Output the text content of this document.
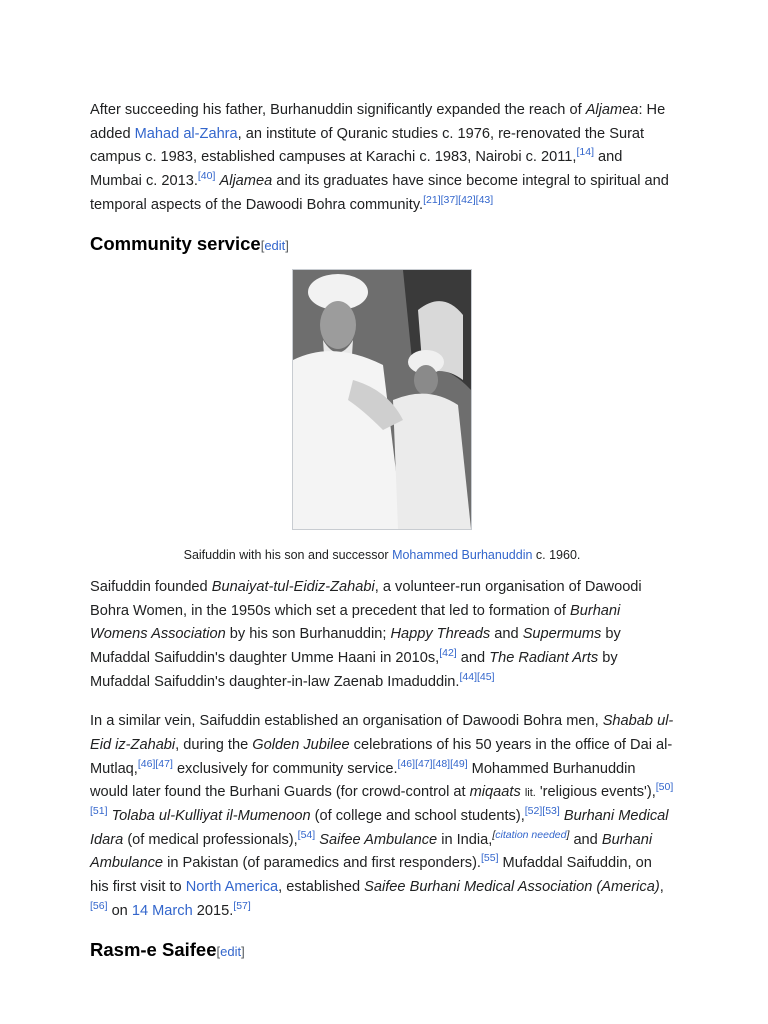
After succeeding his father, Burhanuddin significantly expanded the reach of Aljamea: He added Mahad al-Zahra, an institute of Quranic studies c. 1976, re-renovated the Surat campus c. 1983, established campuses at Karachi c. 1983, Nairobi c. 2011,[14] and Mumbai c. 2013.[40] Aljamea and its graduates have since become integral to spiritual and temporal aspects of the Dawoodi Bohra community.[21][37][42][43]

Community service[edit]
Saifuddin with his son and successor Mohammed Burhanuddin c. 1960.

Saifuddin founded Bunaiyat-tul-Eidiz-Zahabi, a volunteer-run organisation of Dawoodi Bohra Women, in the 1950s which set a precedent that led to formation of Burhani Womens Association by his son Burhanuddin; Happy Threads and Supermums by Mufaddal Saifuddin's daughter Umme Haani in 2010s,[42] and The Radiant Arts by Mufaddal Saifuddin's daughter-in-law Zaenab Imaduddin.[44][45]

In a similar vein, Saifuddin established an organisation of Dawoodi Bohra men, Shabab ul-Eid iz-Zahabi, during the Golden Jubilee celebrations of his 50 years in the office of Dai al-Mutlaq,[46][47] exclusively for community service.[46][47][48][49] Mohammed Burhanuddin would later found the Burhani Guards (for crowd-control at miqaats lit. 'religious events'),[50][51] Tolaba ul-Kulliyat il-Mumenoon (of college and school students),[52][53] Burhani Medical Idara (of medical professionals),[54] Saifee Ambulance in India,[citation needed] and Burhani Ambulance in Pakistan (of paramedics and first responders).[55] Mufaddal Saifuddin, on his first visit to North America, established Saifee Burhani Medical Association (America),[56] on 14 March 2015.[57]

Rasm-e Saifee[edit]
